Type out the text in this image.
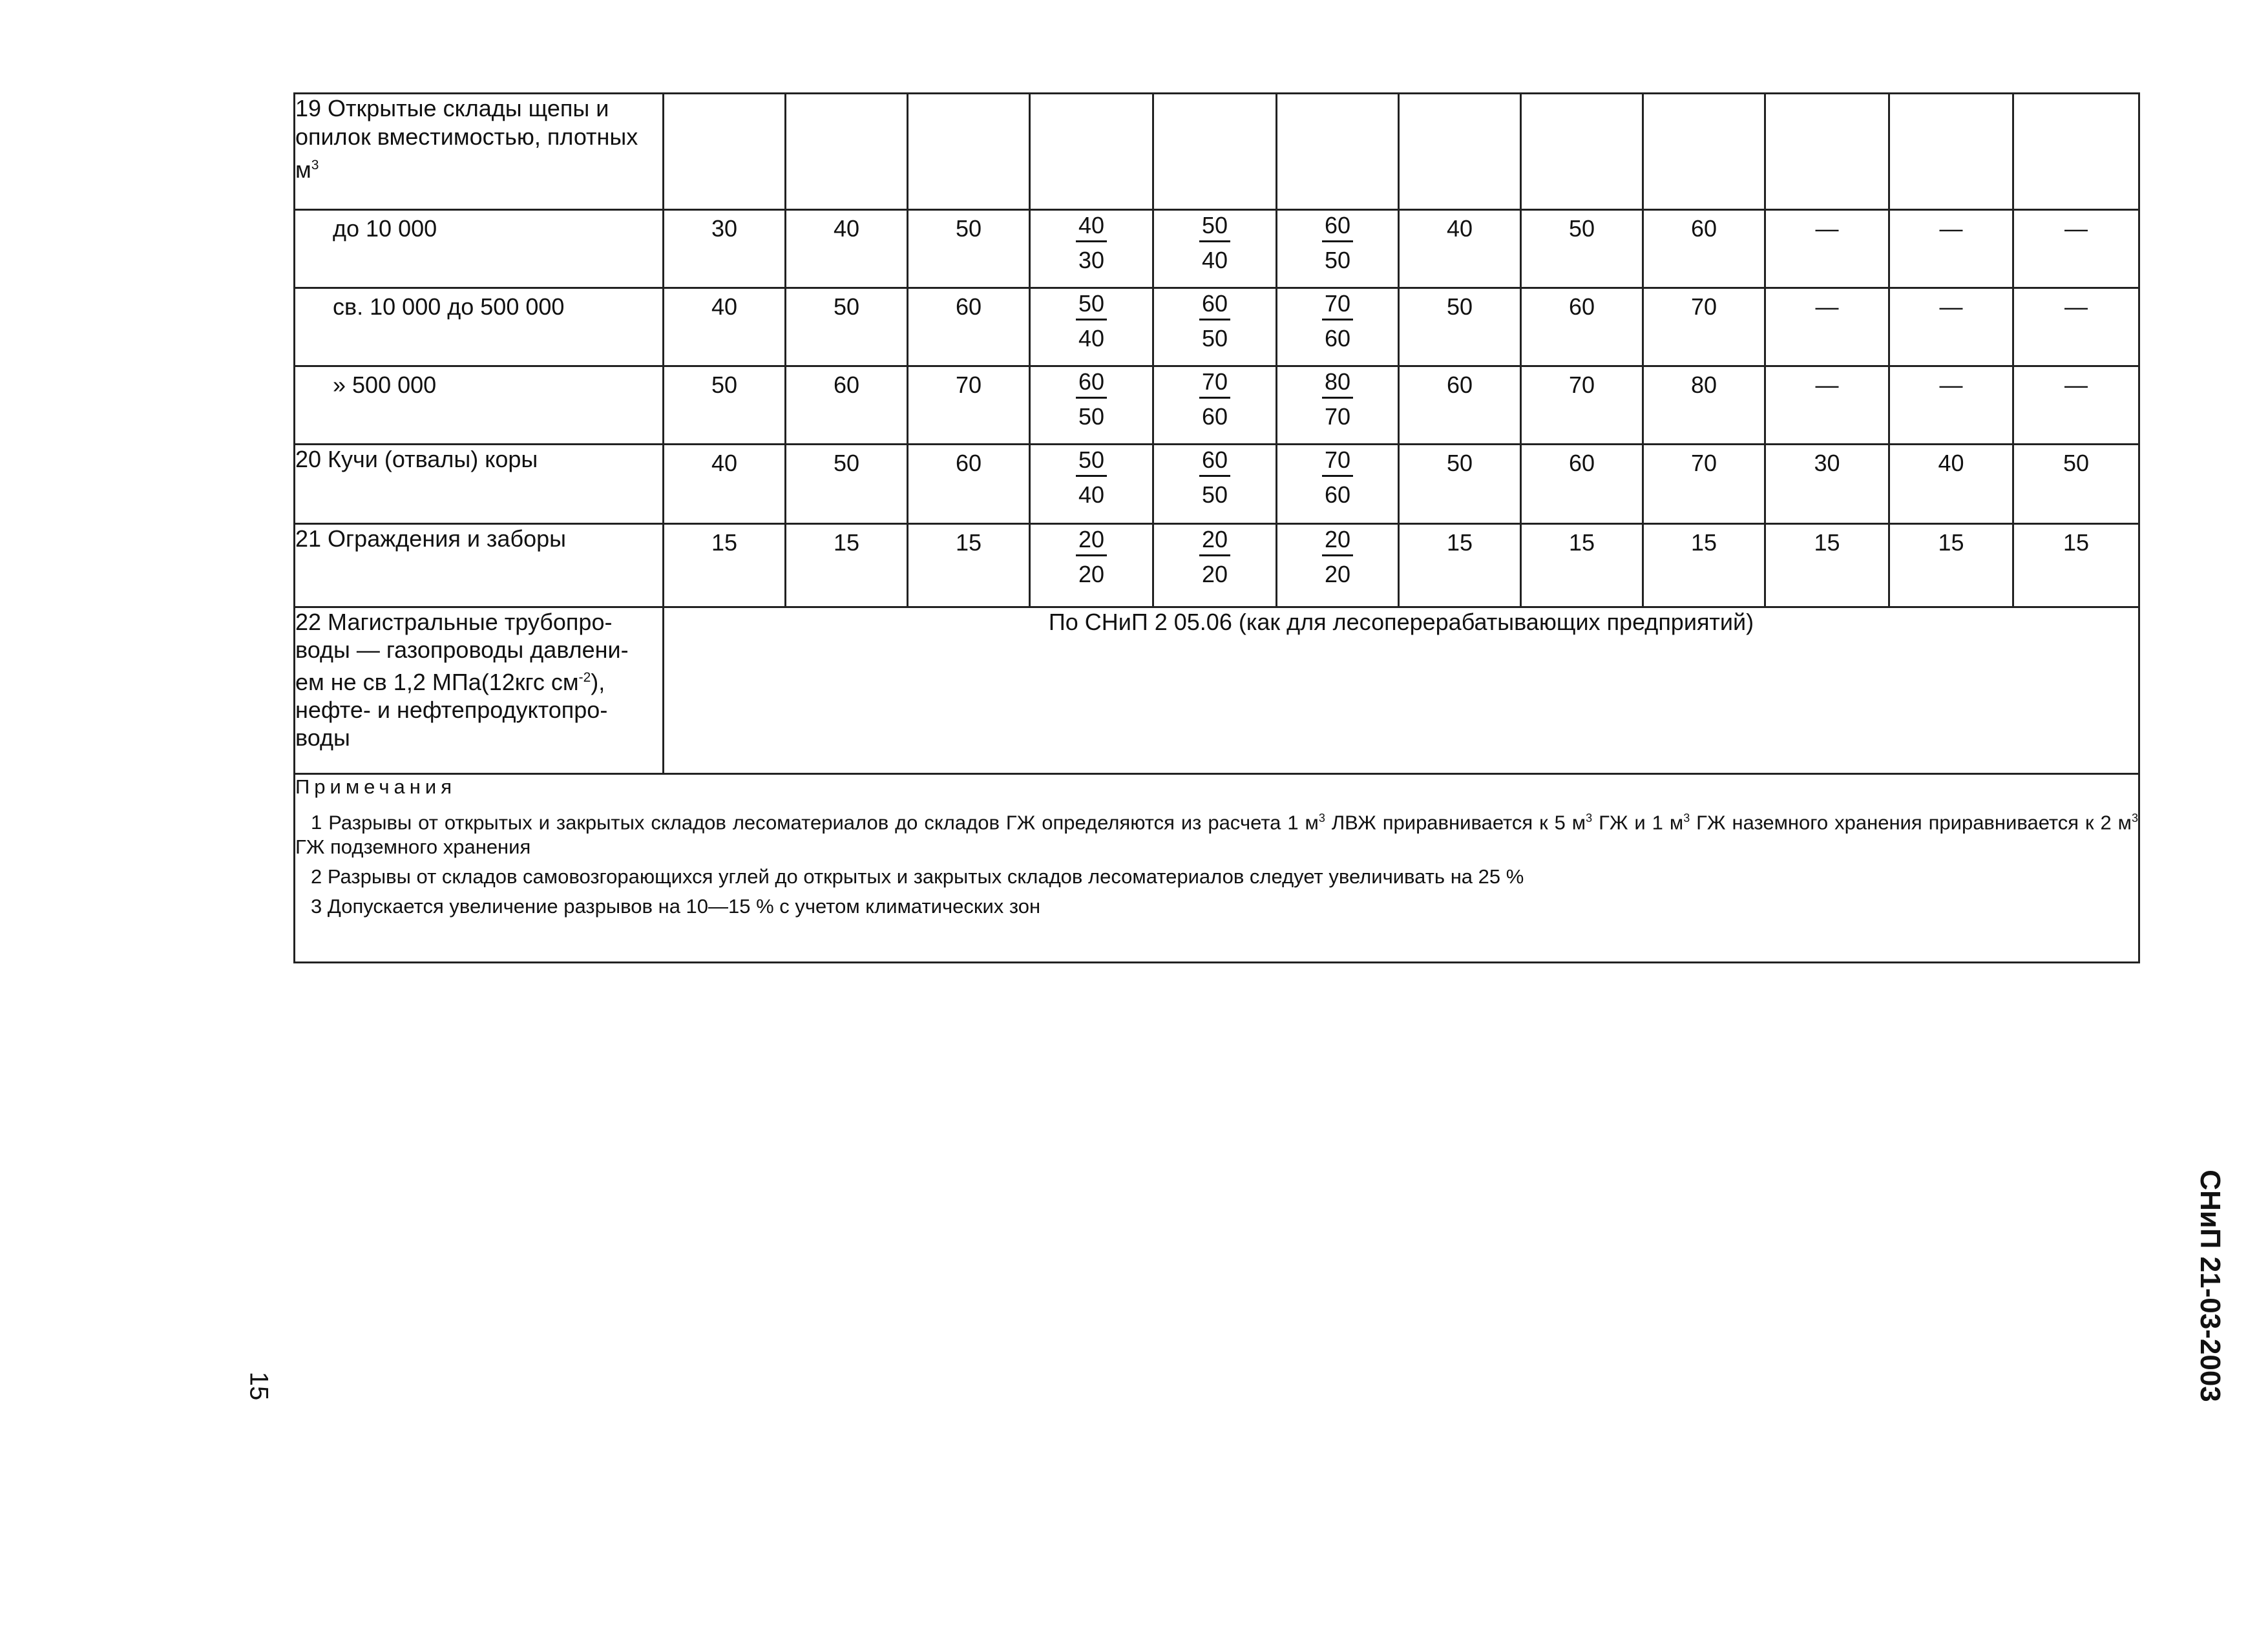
19 Открытые склады щепы и опилок вместимостью, плотных $м^3$

до 10 000	30	40	50	$\frac{40}{30}$	$\frac{50}{40}$	$\frac{60}{50}$	40	50	60	—	—	—

св. 10 000 до 500 000	40	50	60	$\frac{50}{40}$	$\frac{60}{50}$	$\frac{70}{60}$	50	60	70	—	—	—

» 500 000	50	60	70	$\frac{60}{50}$	$\frac{70}{60}$	$\frac{80}{70}$	60	70	80	—	—	—

20 Кучи (отвалы) коры	40	50	60	$\frac{50}{40}$	$\frac{60}{50}$	$\frac{70}{60}$	50	60	70	30	40	50

21 Ограждения и заборы	15	15	15	$\frac{20}{20}$	$\frac{20}{20}$	$\frac{20}{20}$	15	15	15	15	15	15

22 Магистральные трубопро-
воды — газопроводы давлени-
ем не св 1,2 МПа(12кгс $см^{-2}$),
нефте- и нефтепродуктопро-
воды	По СНиП 2 05.06 (как для лесоперерабатывающих предприятий)											

Примечания
1 Разрывы от открытых и закрытых складов лесоматериалов до складов ГЖ определяются из расчета 1 $м^3$ ЛВЖ приравнивается к 5 $м^3$ ГЖ и 1 $м^3$ ГЖ наземного хранения приравнивается к 2 $м^3$ ГЖ подземного хранения
2 Разрывы от складов самовозгорающихся углей до открытых и закрытых складов лесоматериалов следует увеличивать на 25 %
3 Допускается увеличение разрывов на 10—15 % с учетом климатических зон												
СНиП 21-03-2003
15
